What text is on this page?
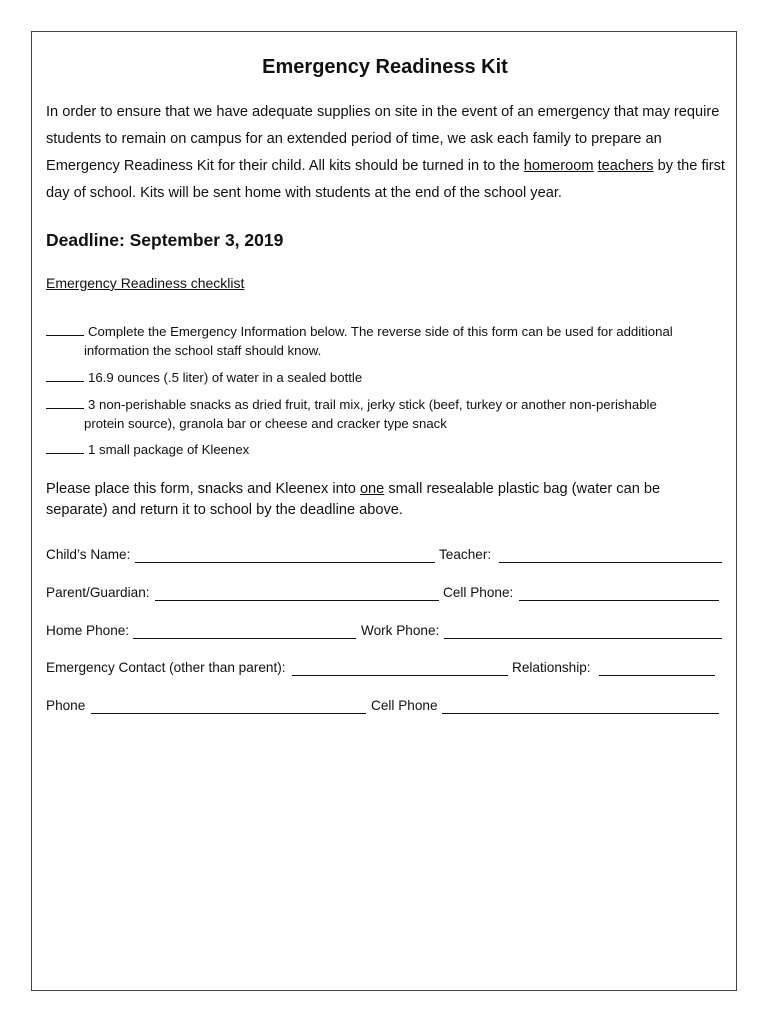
Emergency Readiness Kit

In order to ensure that we have adequate supplies on site in the event of an emergency that may require students to remain on campus for an extended period of time, we ask each family to prepare an Emergency Readiness Kit for their child. All kits should be turned in to the homeroom teachers by the first day of school. Kits will be sent home with students at the end of the school year.

Deadline: September 3, 2019
Emergency Readiness checklist
Complete the Emergency Information below. The reverse side of this form can be used for additional
information the school staff should know.
16.9 ounces (.5 liter) of water in a sealed bottle
3 non-perishable snacks as dried fruit, trail mix, jerky stick (beef, turkey or another non-perishable
protein source), granola bar or cheese and cracker type snack
1 small package of Kleenex
Please place this form, snacks and Kleenex into one small resealable plastic bag (water can be separate) and return it to school by the deadline above.
Child’s Name:	Teacher:
Parent/Guardian:	Cell Phone:
Home Phone:	Work Phone:
Emergency Contact (other than parent):	Relationship:
Phone	Cell Phone
